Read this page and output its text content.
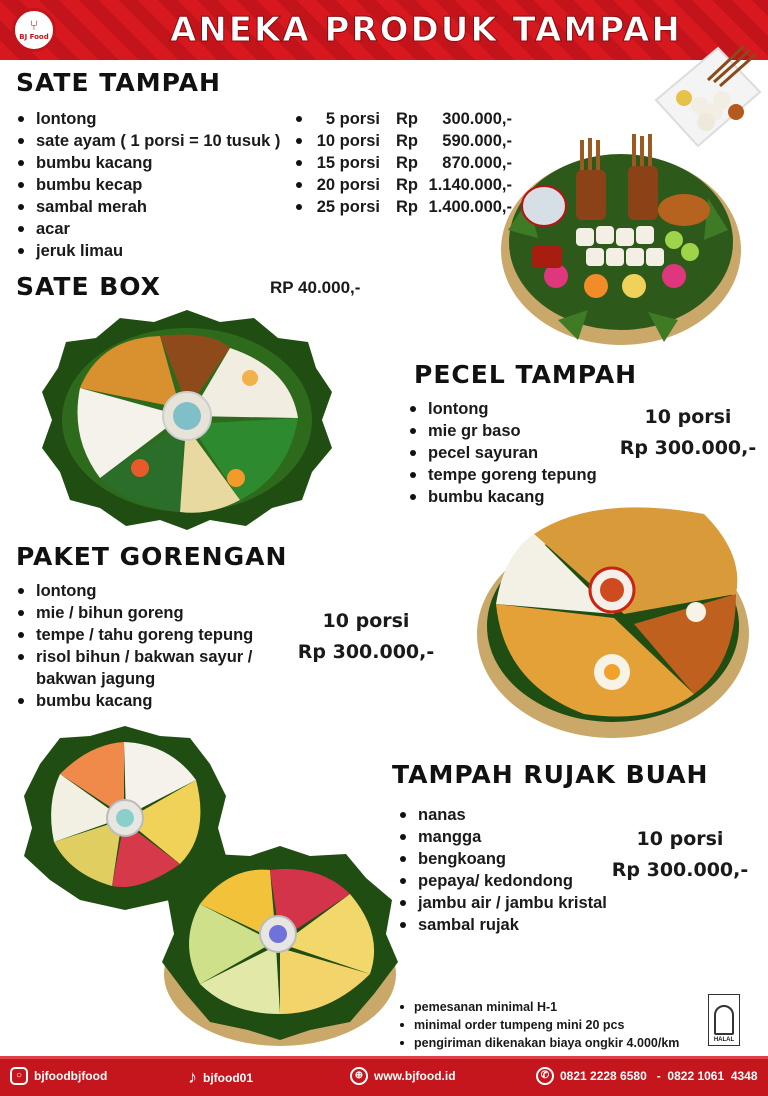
⑂
BJ Food	ANEKA PRODUK TAMPAH
SATE TAMPAH
lontong
sate ayam ( 1 porsi = 10 tusuk )
bumbu kacang
bumbu kecap
sambal merah
acar
jeruk limau
5 porsi Rp	300.000,-
10 porsi Rp	590.000,-
15 porsi Rp	870.000,-
20 porsi Rp 1.140.000,-
25 porsi Rp 1.400.000,-
SATE BOX	RP 40.000,-
PECEL TAMPAH
lontong
mie gr baso
pecel sayuran
tempe goreng tepung
bumbu kacang
10 porsi
Rp 300.000,-
PAKET GORENGAN
lontong
mie / bihun goreng
tempe / tahu goreng tepung
risol bihun / bakwan sayur /
bakwan jagung
bumbu kacang
10 porsi
Rp 300.000,-
TAMPAH RUJAK BUAH
nanas
mangga
bengkoang
pepaya/ kedondong
jambu air / jambu kristal
sambal rujak
10 porsi
Rp 300.000,-
pemesanan minimal H-1
minimal order tumpeng mini 20 pcs
pengiriman dikenakan biaya ongkir 4.000/km	HALAL
○ bjfoodbjfood	♪ bjfood01	⊕ www.bjfood.id	✆ 0821 2228 6580   -  0822 1061  4348
